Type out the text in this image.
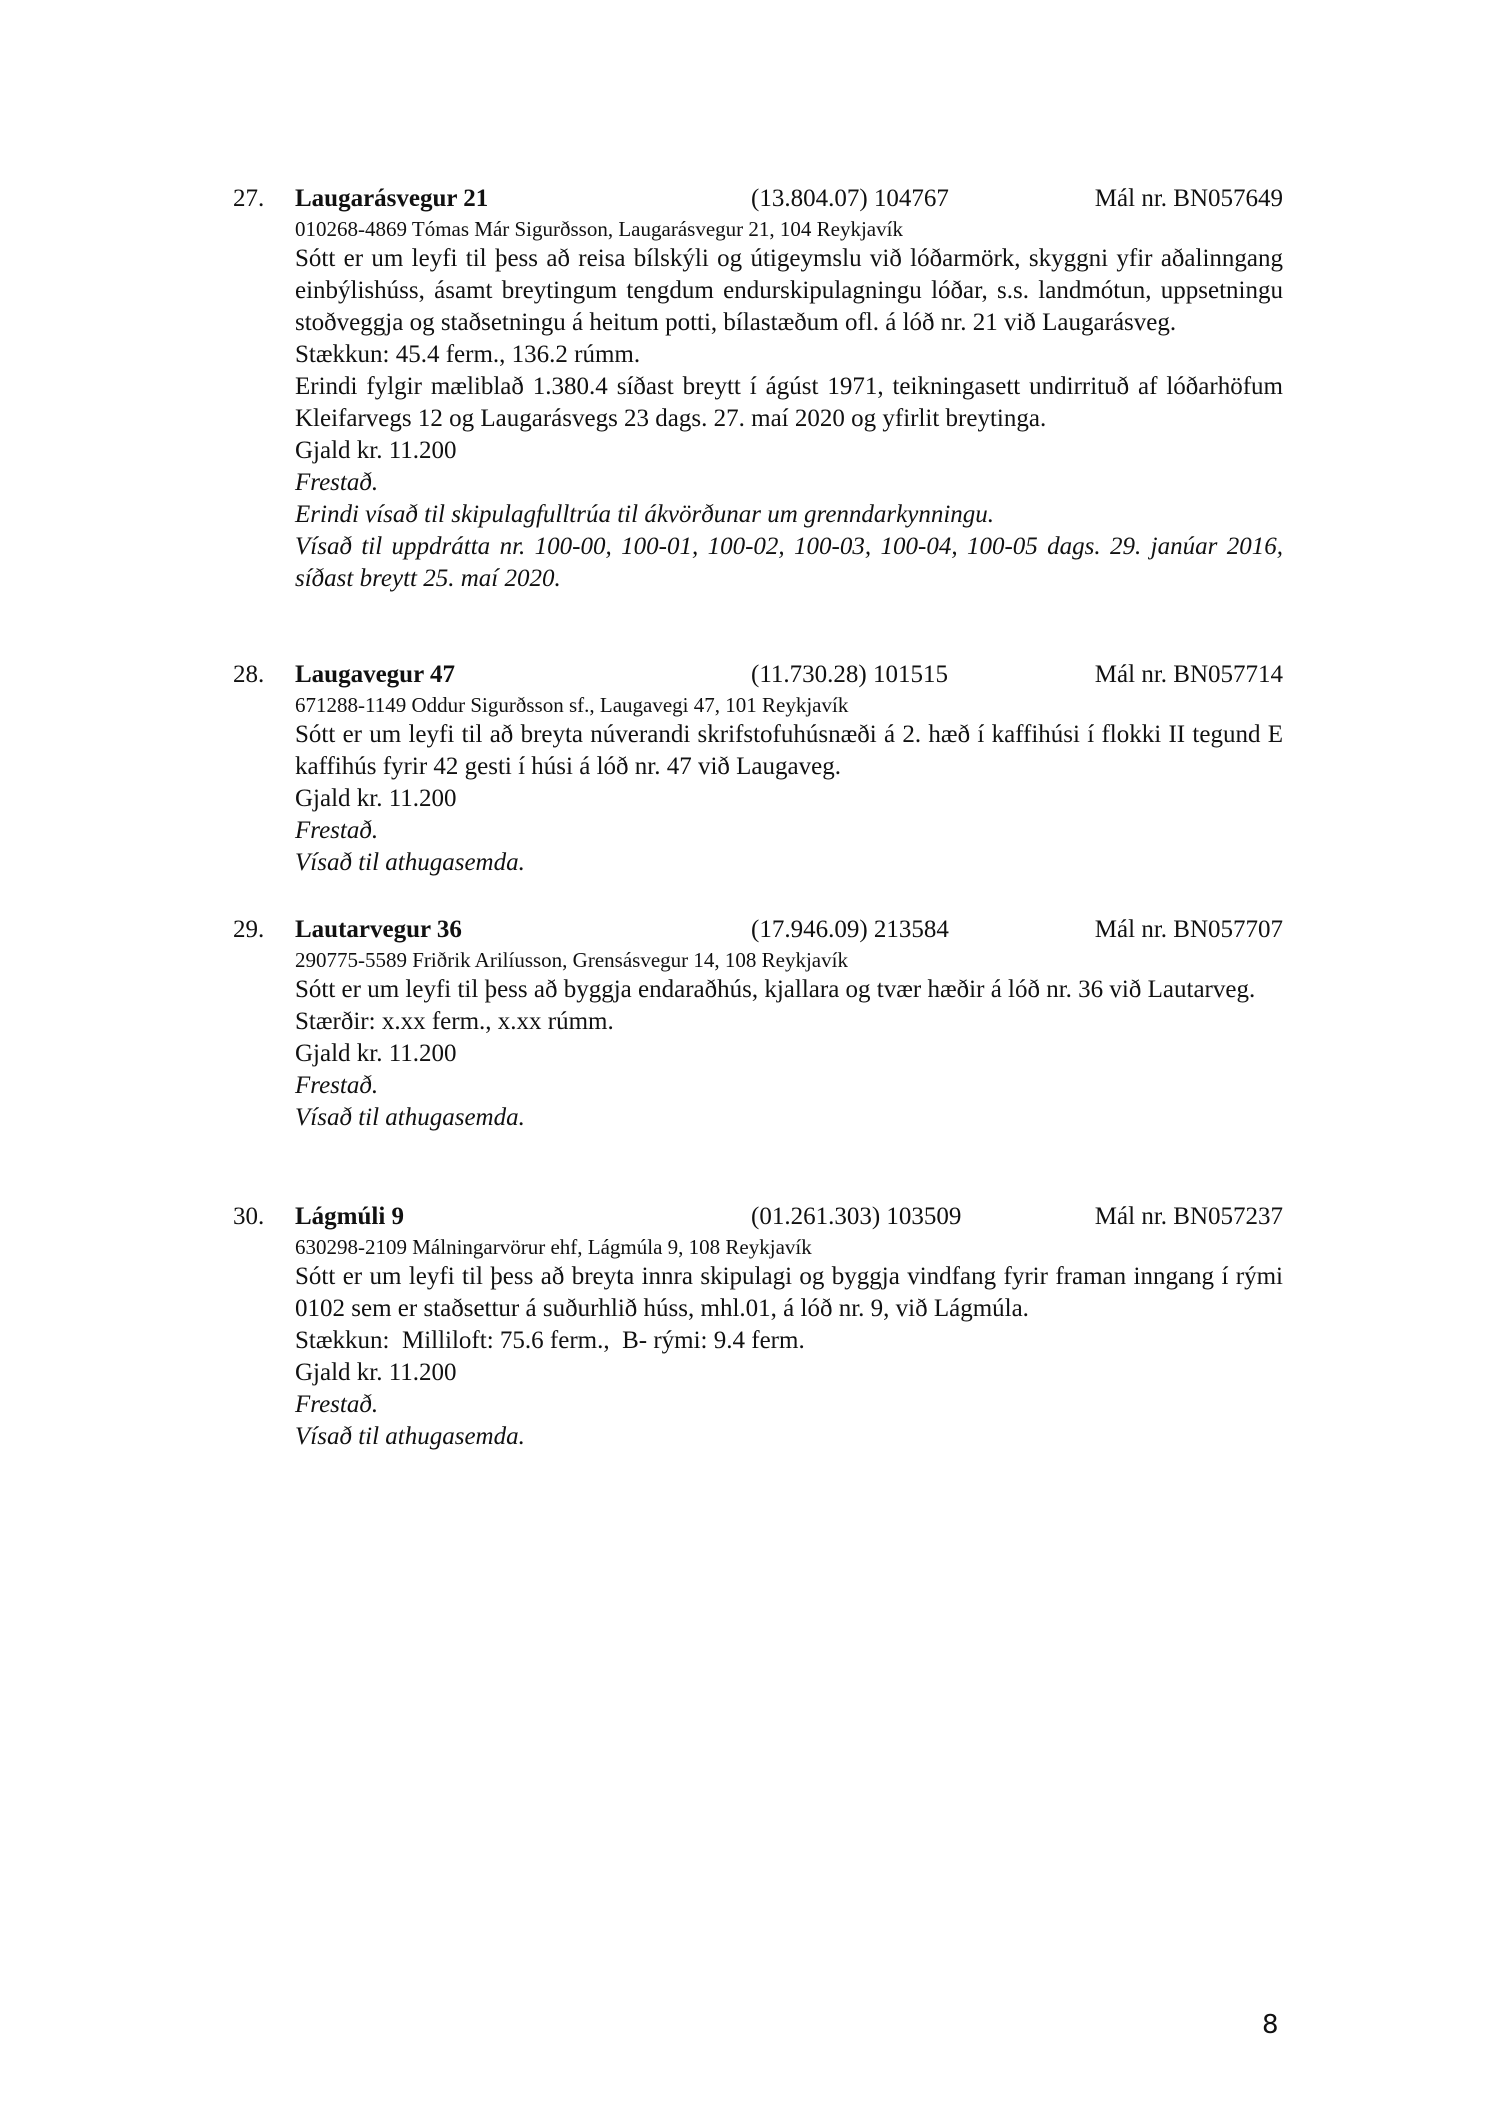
27. Laugarásvegur 21	(13.804.07) 104767	Mál nr. BN057649

010268-4869 Tómas Már Sigurðsson, Laugarásvegur 21, 104 Reykjavík

Sótt er um leyfi til þess að reisa bílskýli og útigeymslu við lóðarmörk, skyggni yfir aðalinngang einbýlishúss, ásamt breytingum tengdum endurskipulagningu lóðar, s.s. landmótun, uppsetningu stoðveggja og staðsetningu á heitum potti, bílastæðum ofl. á lóð nr. 21 við Laugarásveg.

Stækkun: 45.4 ferm., 136.2 rúmm.

Erindi fylgir mæliblað 1.380.4 síðast breytt í ágúst 1971, teikningasett undirrituð af lóðarhöfum Kleifarvegs 12 og Laugarásvegs 23 dags. 27. maí 2020 og yfirlit breytinga.

Gjald kr. 11.200

Frestað.

Erindi vísað til skipulagfulltrúa til ákvörðunar um grenndarkynningu.

Vísað til uppdrátta nr. 100-00, 100-01, 100-02, 100-03, 100-04, 100-05 dags. 29. janúar 2016, síðast breytt 25. maí 2020.

28. Laugavegur 47	(11.730.28) 101515	Mál nr. BN057714

671288-1149 Oddur Sigurðsson sf., Laugavegi 47, 101 Reykjavík

Sótt er um leyfi til að breyta núverandi skrifstofuhúsnæði á 2. hæð í kaffihúsi í flokki II tegund E kaffihús fyrir 42 gesti í húsi á lóð nr. 47 við Laugaveg.

Gjald kr. 11.200

Frestað.

Vísað til athugasemda.

29. Lautarvegur 36	(17.946.09) 213584	Mál nr. BN057707

290775-5589 Friðrik Arilíusson, Grensásvegur 14, 108 Reykjavík

Sótt er um leyfi til þess að byggja endaraðhús, kjallara og tvær hæðir á lóð nr. 36 við Lautarveg.

Stærðir: x.xx ferm., x.xx rúmm.

Gjald kr. 11.200

Frestað.

Vísað til athugasemda.

30. Lágmúli 9	(01.261.303) 103509	Mál nr. BN057237

630298-2109 Málningarvörur ehf, Lágmúla 9, 108 Reykjavík

Sótt er um leyfi til þess að breyta innra skipulagi og byggja vindfang fyrir framan inngang í rými 0102 sem er staðsettur á suðurhlið húss, mhl.01, á lóð nr. 9, við Lágmúla.

Stækkun:  Milliloft: 75.6 ferm.,  B- rými: 9.4 ferm.

Gjald kr. 11.200

Frestað.

Vísað til athugasemda.

8
